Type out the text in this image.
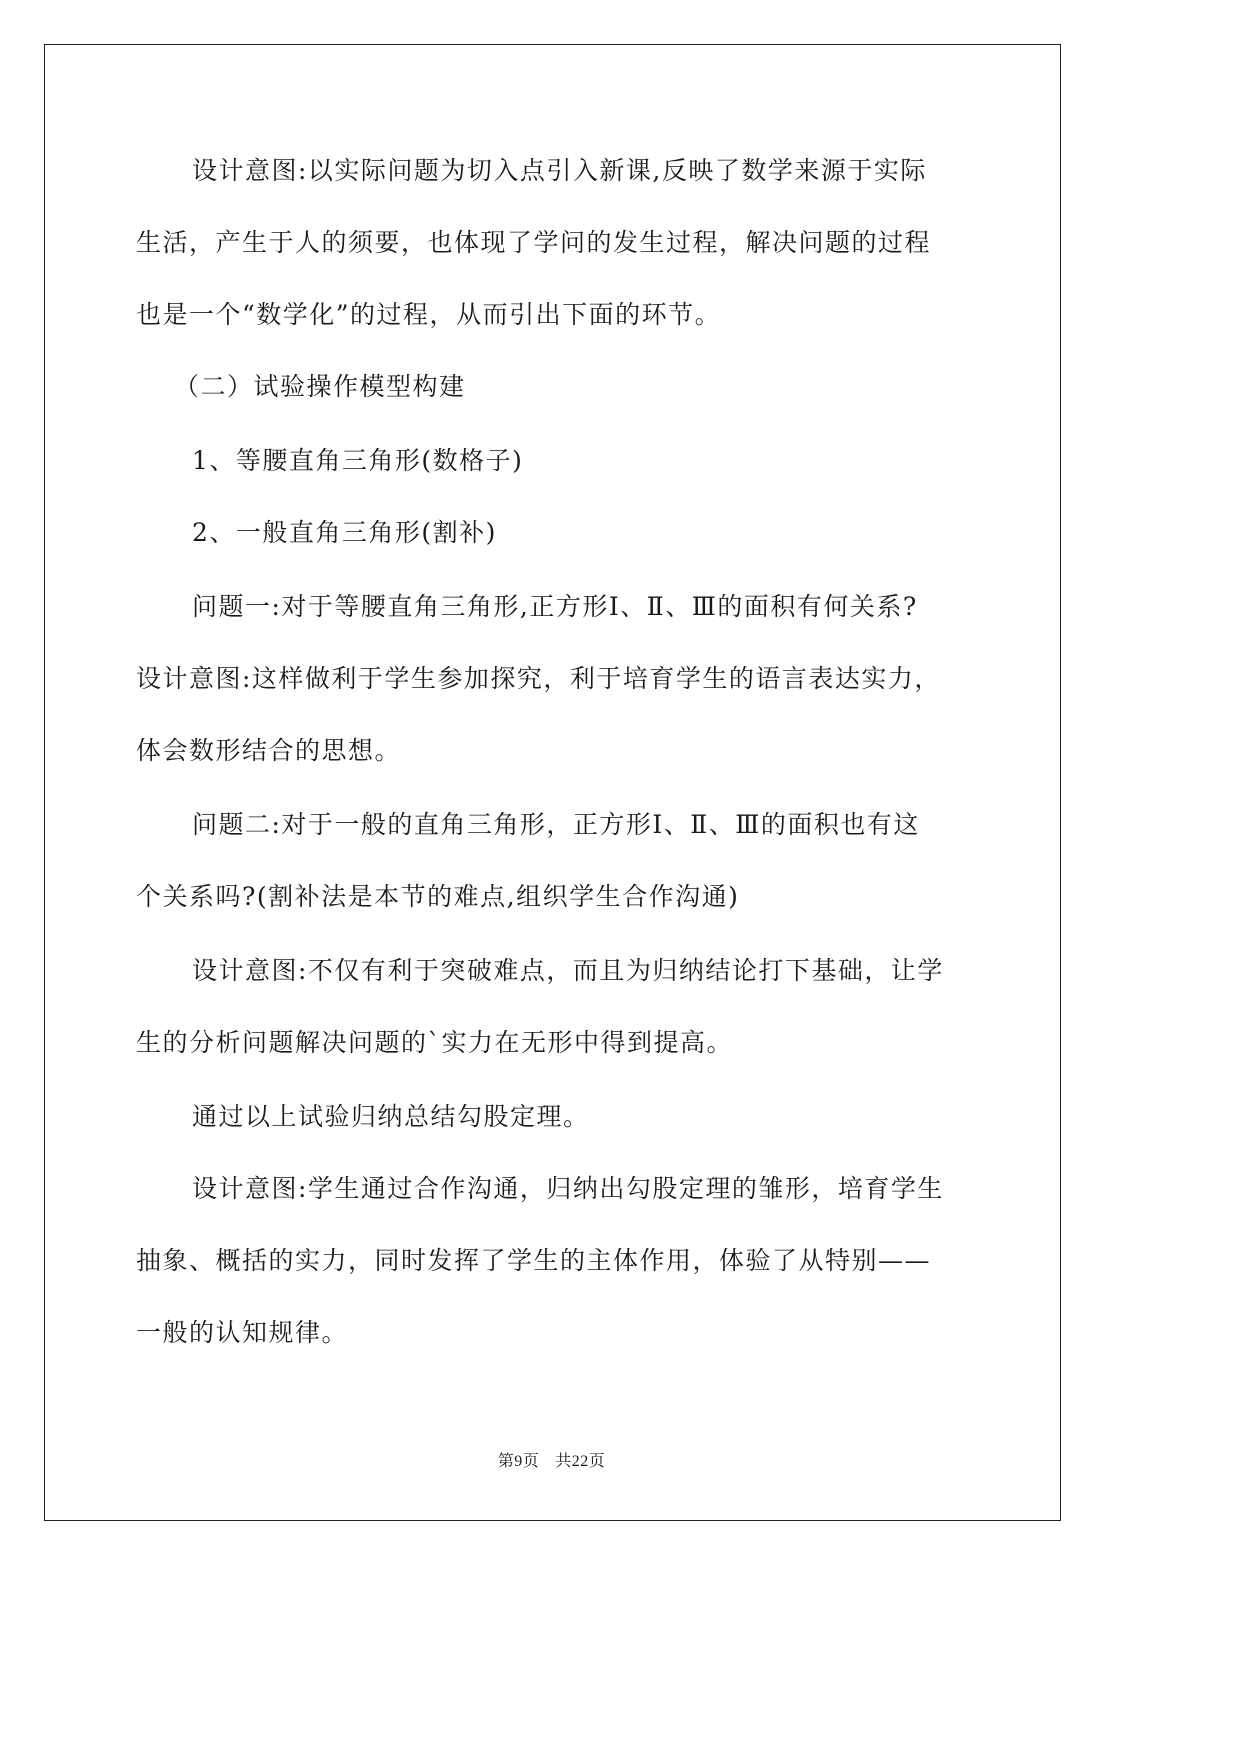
设计意图:以实际问题为切入点引入新课,反映了数学来源于实际
生活，产生于人的须要，也体现了学问的发生过程，解决问题的过程
也是一个“数学化”的过程，从而引出下面的环节。
（二）试验操作模型构建
1、等腰直角三角形(数格子)
2、一般直角三角形(割补)
问题一:对于等腰直角三角形,正方形Ⅰ、Ⅱ、Ⅲ的面积有何关系?
设计意图:这样做利于学生参加探究，利于培育学生的语言表达实力，
体会数形结合的思想。
问题二:对于一般的直角三角形，正方形Ⅰ、Ⅱ、Ⅲ的面积也有这
个关系吗?(割补法是本节的难点,组织学生合作沟通)
设计意图:不仅有利于突破难点，而且为归纳结论打下基础，让学
生的分析问题解决问题的`实力在无形中得到提高。
通过以上试验归纳总结勾股定理。
设计意图:学生通过合作沟通，归纳出勾股定理的雏形，培育学生
抽象、概括的实力，同时发挥了学生的主体作用，体验了从特别——
一般的认知规律。
第9页 共22页
